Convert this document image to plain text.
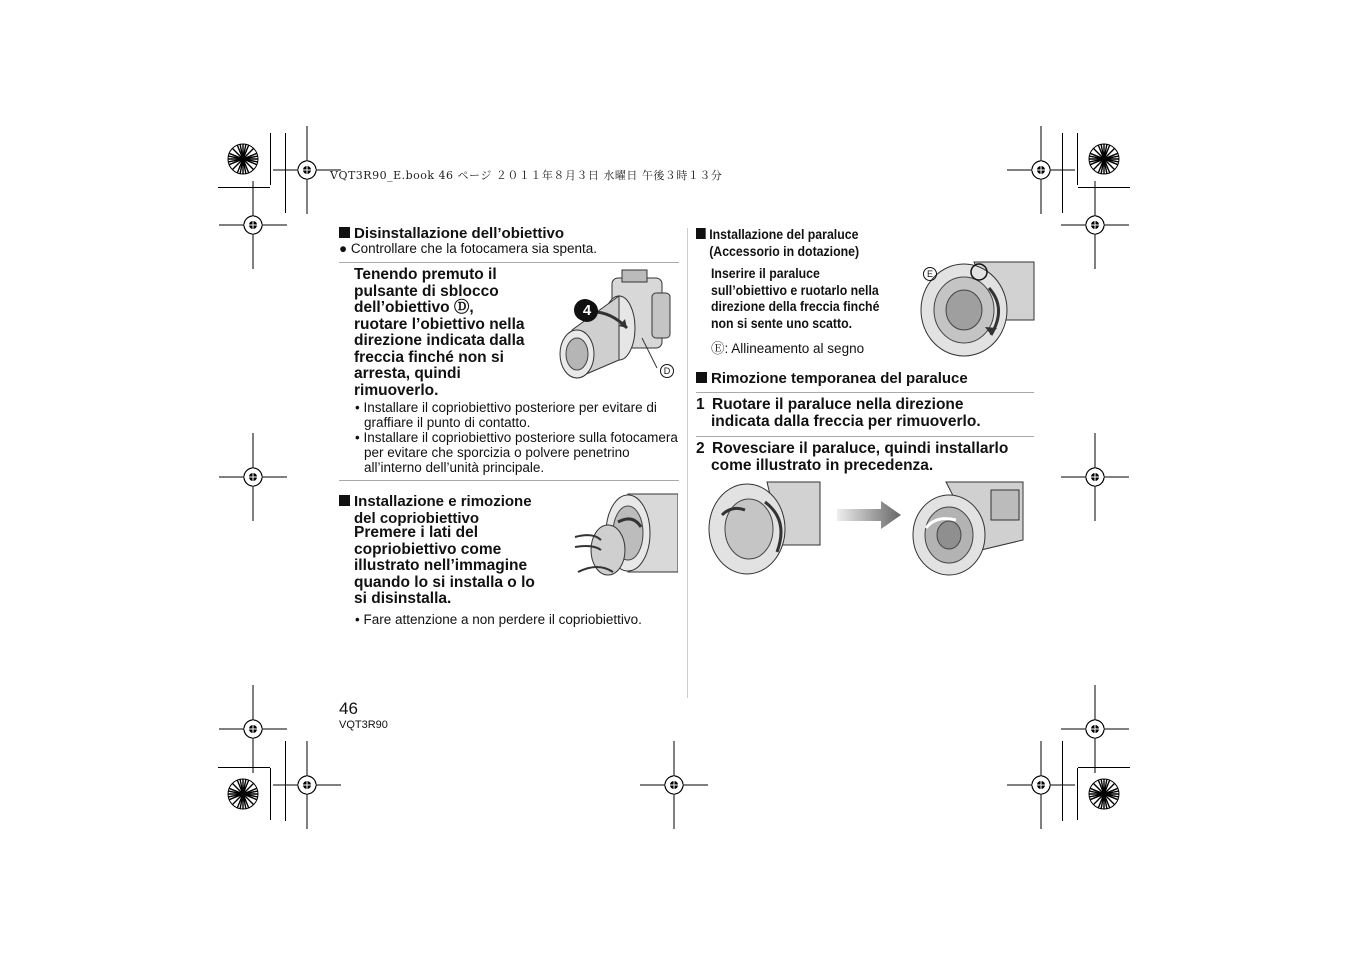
VQT3R90_E.book 46 ページ ２０１１年８月３日 水曜日 午後３時１３分
Disinstallazione dell’obiettivo
● Controllare che la fotocamera sia spenta.
Tenendo premuto il
pulsante di sblocco
dell’obiettivo Ⓓ,
ruotare l’obiettivo nella
direzione indicata dalla
freccia finché non si
arresta, quindi
rimuoverlo.
4
D
• Installare il copriobiettivo posteriore per evitare di graffiare il punto di contatto.
• Installare il copriobiettivo posteriore sulla fotocamera per evitare che sporcizia o polvere penetrino all’interno dell’unità principale.
Installazione e rimozione
del copriobiettivo
Premere i lati del
copriobiettivo come
illustrato nell’immagine
quando lo si installa o lo
si disinstalla.
• Fare attenzione a non perdere il copriobiettivo.
Installazione del paraluce
(Accessorio in dotazione)
Inserire il paraluce
sull’obiettivo e ruotarlo nella
direzione della freccia finché
non si sente uno scatto.
Ⓔ: Allineamento al segno
E
Rimozione temporanea del paraluce
1 Ruotare il paraluce nella direzione
indicata dalla freccia per rimuoverlo.
2 Rovesciare il paraluce, quindi installarlo
come illustrato in precedenza.
46
VQT3R90
